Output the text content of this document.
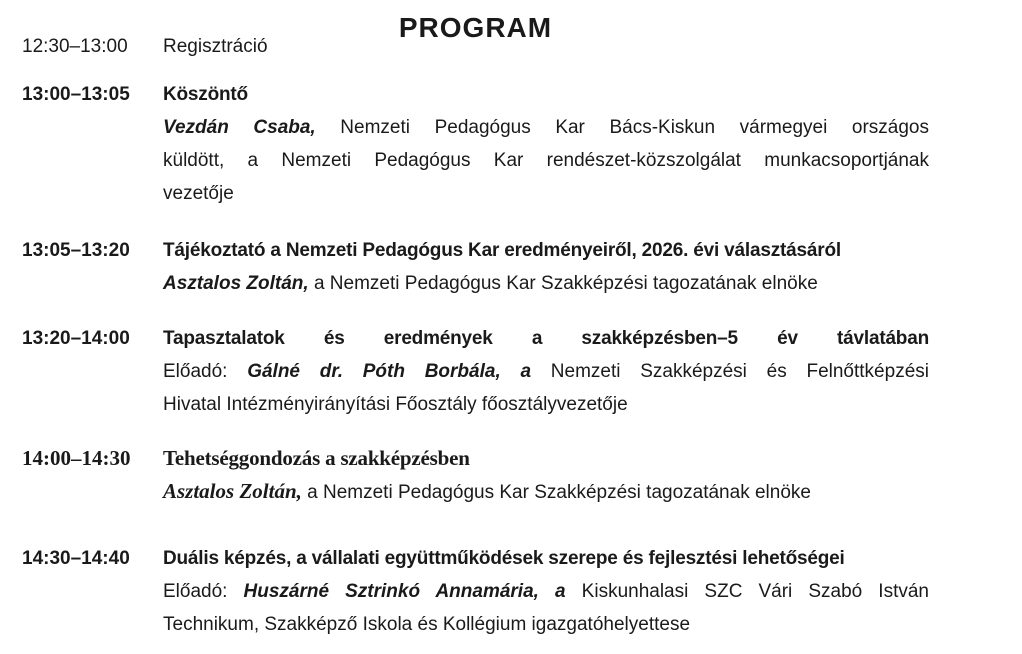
PROGRAM
12:30–13:00	Regisztráció
13:00–13:05	Köszöntő
Vezdán Csaba, Nemzeti Pedagógus Kar Bács-Kiskun vármegyei országos
küldött, a Nemzeti Pedagógus Kar rendészet-közszolgálat munkacsoportjának
vezetője
13:05–13:20	Tájékoztató a Nemzeti Pedagógus Kar eredményeiről, 2026. évi választásáról
Asztalos Zoltán, a Nemzeti Pedagógus Kar Szakképzési tagozatának elnöke
13:20–14:00	Tapasztalatok és eredmények a szakképzésben–5 év távlatában
Előadó: Gálné dr. Póth Borbála, a Nemzeti Szakképzési és Felnőttképzési
Hivatal Intézményirányítási Főosztály főosztályvezetője
14:00–14:30	Tehetséggondozás a szakképzésben
Asztalos Zoltán, a Nemzeti Pedagógus Kar Szakképzési tagozatának elnöke
14:30–14:40	Duális képzés, a vállalati együttműködések szerepe és fejlesztési lehetőségei
Előadó: Huszárné Sztrinkó Annamária, a Kiskunhalasi SZC Vári Szabó István
Technikum, Szakképző Iskola és Kollégium igazgatóhelyettese
